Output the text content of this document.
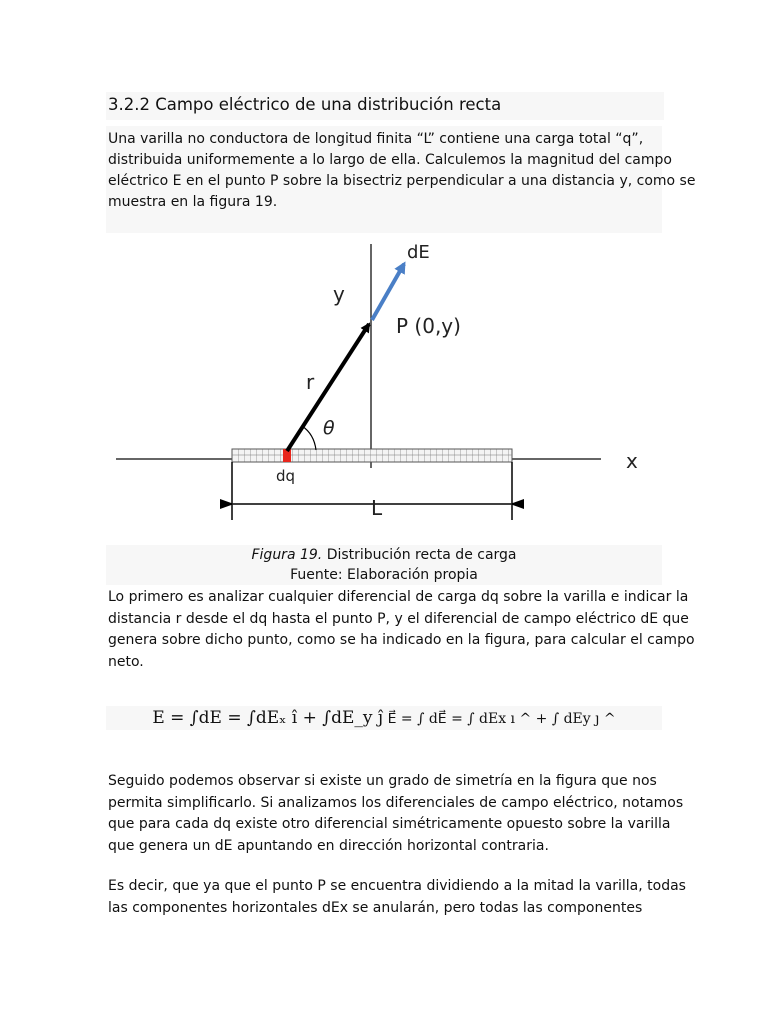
3.2.2 Campo eléctrico de una distribución recta
Una varilla no conductora de longitud finita “L” contiene una carga total “q”,
distribuida uniformemente a lo largo de ella. Calculemos la magnitud del campo
eléctrico E en el punto P sobre la bisectriz perpendicular a una distancia y, como se
muestra en la figura 19.
dE
y
P (0,y)
r
θ
x
dq
L
Figura 19. Distribución recta de carga
Fuente: Elaboración propia
Lo primero es analizar cualquier diferencial de carga dq sobre la varilla e indicar la
distancia r desde el dq hasta el punto P, y el diferencial de campo eléctrico dE que
genera sobre dicho punto, como se ha indicado en la figura, para calcular el campo
neto.
E = ∫dE = ∫dEₓ ı̂ + ∫dE_y ȷ̂ E⃗ = ∫ dE⃗ = ∫ dEx ı ^ + ∫ dEy ȷ ^
Seguido podemos observar si existe un grado de simetría en la figura que nos
permita simplificarlo. Si analizamos los diferenciales de campo eléctrico, notamos
que para cada dq existe otro diferencial simétricamente opuesto sobre la varilla
que genera un dE apuntando en dirección horizontal contraria.
Es decir, que ya que el punto P se encuentra dividiendo a la mitad la varilla, todas
las componentes horizontales dEx se anularán, pero todas las componentes
